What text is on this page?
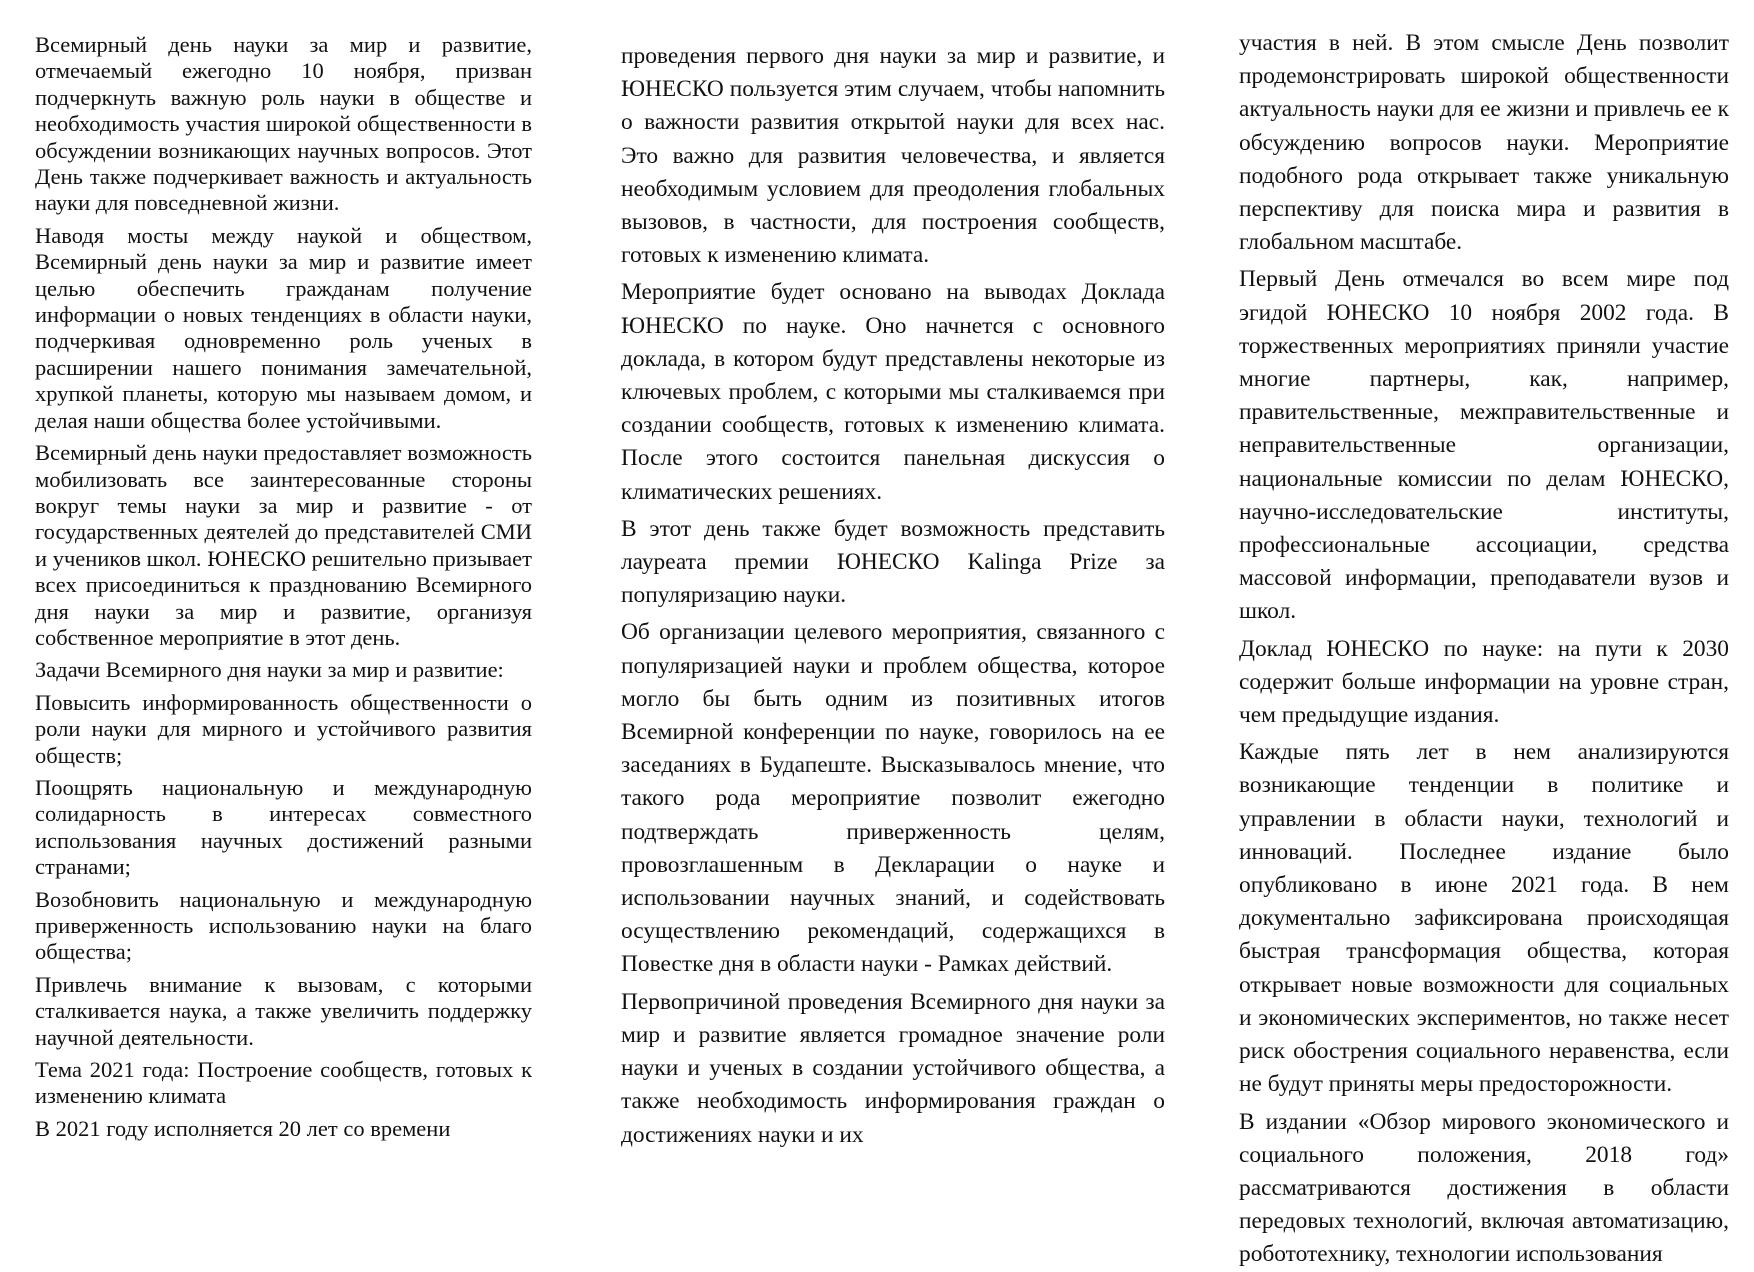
Всемирный день науки за мир и развитие, отмечаемый ежегодно 10 ноября, призван подчеркнуть важную роль науки в обществе и необходимость участия широкой общественности в обсуждении возникающих научных вопросов. Этот День также подчеркивает важность и актуальность науки для повседневной жизни.

Наводя мосты между наукой и обществом, Всемирный день науки за мир и развитие имеет целью обеспечить гражданам получение информации о новых тенденциях в области науки, подчеркивая одновременно роль ученых в расширении нашего понимания замечательной, хрупкой планеты, которую мы называем домом, и делая наши общества более устойчивыми.

Всемирный день науки предоставляет возможность мобилизовать все заинтересованные стороны вокруг темы науки за мир и развитие - от государственных деятелей до представителей СМИ и учеников школ. ЮНЕСКО решительно призывает всех присоединиться к празднованию Всемирного дня науки за мир и развитие, организуя собственное мероприятие в этот день.

Задачи Всемирного дня науки за мир и развитие:

Повысить информированность общественности о роли науки для мирного и устойчивого развития обществ;

Поощрять национальную и международную солидарность в интересах совместного использования научных достижений разными странами;

Возобновить национальную и международную приверженность использованию науки на благо общества;

Привлечь внимание к вызовам, с которыми сталкивается наука, а также увеличить поддержку научной деятельности.

Тема 2021 года: Построение сообществ, готовых к изменению климата

В 2021 году исполняется 20 лет со времени

проведения первого дня науки за мир и развитие, и ЮНЕСКО пользуется этим случаем, чтобы напомнить о важности развития открытой науки для всех нас. Это важно для развития человечества, и является необходимым условием для преодоления глобальных вызовов, в частности, для построения сообществ, готовых к изменению климата.

Мероприятие будет основано на выводах Доклада ЮНЕСКО по науке. Оно начнется с основного доклада, в котором будут представлены некоторые из ключевых проблем, с которыми мы сталкиваемся при создании сообществ, готовых к изменению климата. После этого состоится панельная дискуссия о климатических решениях.

В этот день также будет возможность представить лауреата премии ЮНЕСКО Kalinga Prize за популяризацию науки.

Об организации целевого мероприятия, связанного с популяризацией науки и проблем общества, которое могло бы быть одним из позитивных итогов Всемирной конференции по науке, говорилось на ее заседаниях в Будапеште. Высказывалось мнение, что такого рода мероприятие позволит ежегодно подтверждать приверженность целям, провозглашенным в Декларации о науке и использовании научных знаний, и содействовать осуществлению рекомендаций, содержащихся в Повестке дня в области науки - Рамках действий.

Первопричиной проведения Всемирного дня науки за мир и развитие является громадное значение роли науки и ученых в создании устойчивого общества, а также необходимость информирования граждан о достижениях науки и их

участия в ней. В этом смысле День позволит продемонстрировать широкой общественности актуальность науки для ее жизни и привлечь ее к обсуждению вопросов науки. Мероприятие подобного рода открывает также уникальную перспективу для поиска мира и развития в глобальном масштабе.

Первый День отмечался во всем мире под эгидой ЮНЕСКО 10 ноября 2002 года. В торжественных мероприятиях приняли участие многие партнеры, как, например, правительственные, межправительственные и неправительственные организации, национальные комиссии по делам ЮНЕСКО, научно-исследовательские институты, профессиональные ассоциации, средства массовой информации, преподаватели вузов и школ.

Доклад ЮНЕСКО по науке: на пути к 2030 содержит больше информации на уровне стран, чем предыдущие издания.

Каждые пять лет в нем анализируются возникающие тенденции в политике и управлении в области науки, технологий и инноваций. Последнее издание было опубликовано в июне 2021 года. В нем документально зафиксирована происходящая быстрая трансформация общества, которая открывает новые возможности для социальных и экономических экспериментов, но также несет риск обострения социального неравенства, если не будут приняты меры предосторожности.

В издании «Обзор мирового экономического и социального положения, 2018 год» рассматриваются достижения в области передовых технологий, включая автоматизацию, робототехнику, технологии использования
